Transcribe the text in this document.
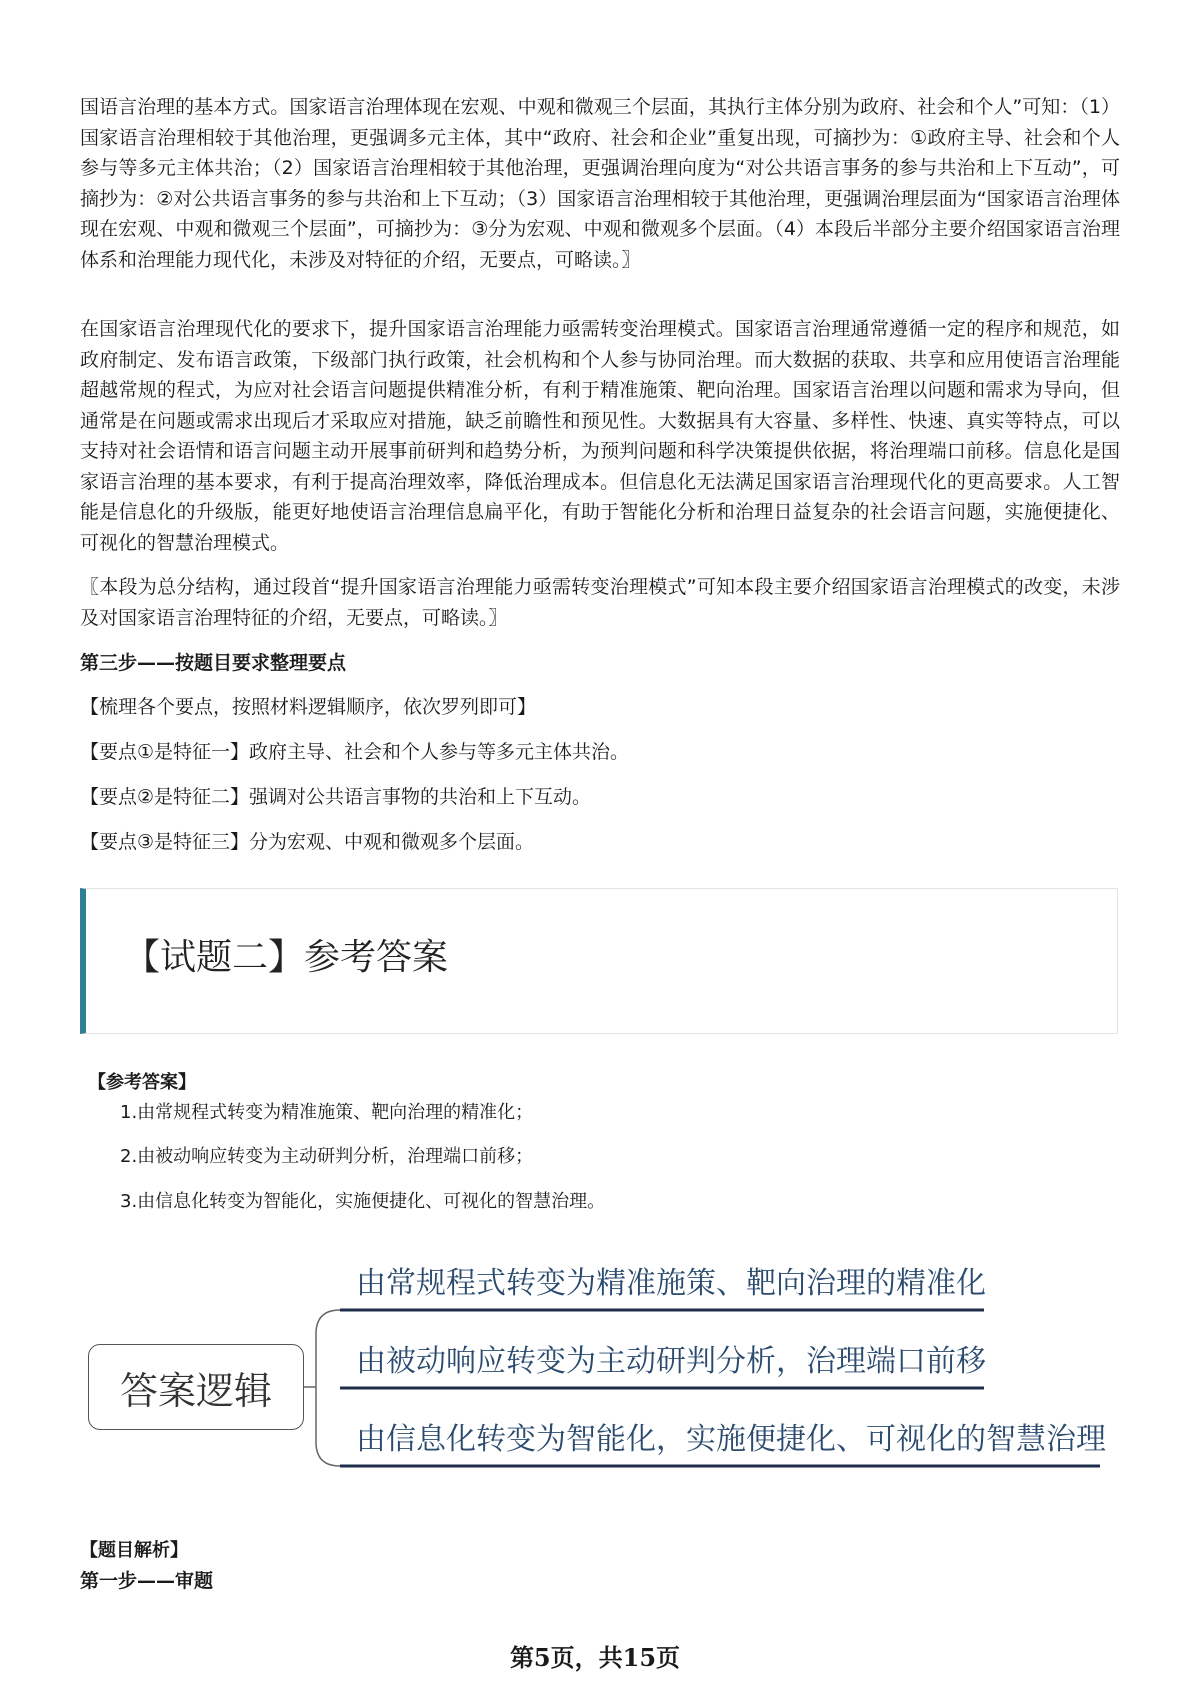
国语言治理的基本方式。国家语言治理体现在宏观、中观和微观三个层面，其执行主体分别为政府、社会和个人”可知：（1）国家语言治理相较于其他治理，更强调多元主体，其中“政府、社会和企业”重复出现，可摘抄为：①政府主导、社会和个人参与等多元主体共治；（2）国家语言治理相较于其他治理，更强调治理向度为“对公共语言事务的参与共治和上下互动”，可摘抄为：②对公共语言事务的参与共治和上下互动；（3）国家语言治理相较于其他治理，更强调治理层面为“国家语言治理体现在宏观、中观和微观三个层面”，可摘抄为：③分为宏观、中观和微观多个层面。（4）本段后半部分主要介绍国家语言治理体系和治理能力现代化，未涉及对特征的介绍，无要点，可略读。〗

在国家语言治理现代化的要求下，提升国家语言治理能力亟需转变治理模式。国家语言治理通常遵循一定的程序和规范，如政府制定、发布语言政策，下级部门执行政策，社会机构和个人参与协同治理。而大数据的获取、共享和应用使语言治理能超越常规的程式，为应对社会语言问题提供精准分析，有利于精准施策、靶向治理。国家语言治理以问题和需求为导向，但通常是在问题或需求出现后才采取应对措施，缺乏前瞻性和预见性。大数据具有大容量、多样性、快速、真实等特点，可以支持对社会语情和语言问题主动开展事前研判和趋势分析，为预判问题和科学决策提供依据，将治理端口前移。信息化是国家语言治理的基本要求，有利于提高治理效率，降低治理成本。但信息化无法满足国家语言治理现代化的更高要求。人工智能是信息化的升级版，能更好地使语言治理信息扁平化，有助于智能化分析和治理日益复杂的社会语言问题，实施便捷化、可视化的智慧治理模式。

〖本段为总分结构，通过段首“提升国家语言治理能力亟需转变治理模式”可知本段主要介绍国家语言治理模式的改变，未涉及对国家语言治理特征的介绍，无要点，可略读。〗

第三步——按题目要求整理要点

【梳理各个要点，按照材料逻辑顺序，依次罗列即可】

【要点①是特征一】政府主导、社会和个人参与等多元主体共治。

【要点②是特征二】强调对公共语言事物的共治和上下互动。

【要点③是特征三】分为宏观、中观和微观多个层面。

【试题二】参考答案
【参考答案】
1.由常规程式转变为精准施策、靶向治理的精准化；
2.由被动响应转变为主动研判分析，治理端口前移；
3.由信息化转变为智能化，实施便捷化、可视化的智慧治理。
答案逻辑
由常规程式转变为精准施策、靶向治理的精准化
由被动响应转变为主动研判分析，治理端口前移
由信息化转变为智能化，实施便捷化、可视化的智慧治理
【题目解析】
第一步——审题
第5页，共15页
